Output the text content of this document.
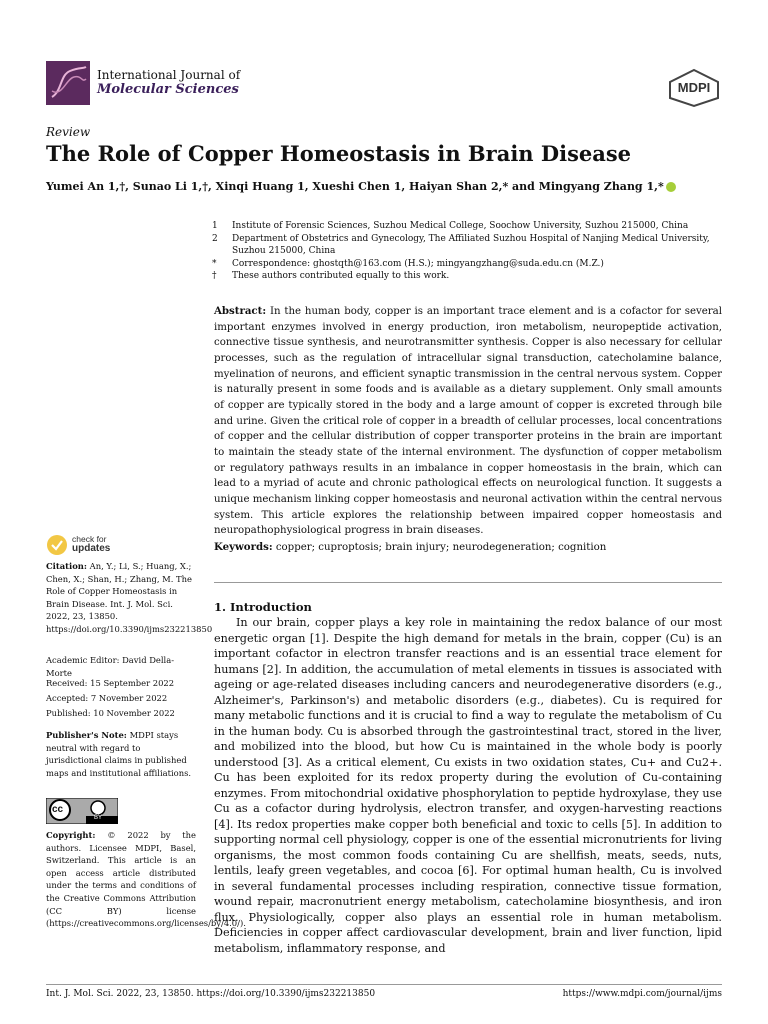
International Journal of
Molecular Sciences	MDPI
Review
The Role of Copper Homeostasis in Brain Disease
Yumei An 1,†, Sunao Li 1,†, Xinqi Huang 1, Xueshi Chen 1, Haiyan Shan 2,* and Mingyang Zhang 1,*
1	Institute of Forensic Sciences, Suzhou Medical College, Soochow University, Suzhou 215000, China
2	Department of Obstetrics and Gynecology, The Affiliated Suzhou Hospital of Nanjing Medical University, Suzhou 215000, China
*	Correspondence: ghostqth@163.com (H.S.); mingyangzhang@suda.edu.cn (M.Z.)
†	These authors contributed equally to this work.
Abstract: In the human body, copper is an important trace element and is a cofactor for several important enzymes involved in energy production, iron metabolism, neuropeptide activation, connective tissue synthesis, and neurotransmitter synthesis. Copper is also necessary for cellular processes, such as the regulation of intracellular signal transduction, catecholamine balance, myelination of neurons, and efficient synaptic transmission in the central nervous system. Copper is naturally present in some foods and is available as a dietary supplement. Only small amounts of copper are typically stored in the body and a large amount of copper is excreted through bile and urine. Given the critical role of copper in a breadth of cellular processes, local concentrations of copper and the cellular distribution of copper transporter proteins in the brain are important to maintain the steady state of the internal environment. The dysfunction of copper metabolism or regulatory pathways results in an imbalance in copper homeostasis in the brain, which can lead to a myriad of acute and chronic pathological effects on neurological function. It suggests a unique mechanism linking copper homeostasis and neuronal activation within the central nervous system. This article explores the relationship between impaired copper homeostasis and neuropathophysiological progress in brain diseases.
Keywords: copper; cuproptosis; brain injury; neurodegeneration; cognition
check for
updates
Citation: An, Y.; Li, S.; Huang, X.; Chen, X.; Shan, H.; Zhang, M. The Role of Copper Homeostasis in Brain Disease. Int. J. Mol. Sci. 2022, 23, 13850. https://doi.org/10.3390/ijms232213850
Academic Editor: David Della-Morte
Received: 15 September 2022
Accepted: 7 November 2022
Published: 10 November 2022
Publisher's Note: MDPI stays neutral with regard to jurisdictional claims in published maps and institutional affiliations.
cc
BY
Copyright: © 2022 by the authors. Licensee MDPI, Basel, Switzerland. This article is an open access article distributed under the terms and conditions of the Creative Commons Attribution (CC BY) license (https://creativecommons.org/licenses/by/4.0/).
1. Introduction

In our brain, copper plays a key role in maintaining the redox balance of our most energetic organ [1]. Despite the high demand for metals in the brain, copper (Cu) is an important cofactor in electron transfer reactions and is an essential trace element for humans [2]. In addition, the accumulation of metal elements in tissues is associated with ageing or age-related diseases including cancers and neurodegenerative disorders (e.g., Alzheimer's, Parkinson's) and metabolic disorders (e.g., diabetes). Cu is required for many metabolic functions and it is crucial to find a way to regulate the metabolism of Cu in the human body. Cu is absorbed through the gastrointestinal tract, stored in the liver, and mobilized into the blood, but how Cu is maintained in the whole body is poorly understood [3]. As a critical element, Cu exists in two oxidation states, Cu+ and Cu2+. Cu has been exploited for its redox property during the evolution of Cu-containing enzymes. From mitochondrial oxidative phosphorylation to peptide hydroxylase, they use Cu as a cofactor during hydrolysis, electron transfer, and oxygen-harvesting reactions [4]. Its redox properties make copper both beneficial and toxic to cells [5]. In addition to supporting normal cell physiology, copper is one of the essential micronutrients for living organisms, the most common foods containing Cu are shellfish, meats, seeds, nuts, lentils, leafy green vegetables, and cocoa [6]. For optimal human health, Cu is involved in several fundamental processes including respiration, connective tissue formation, wound repair, macronutrient energy metabolism, catecholamine biosynthesis, and iron flux. Physiologically, copper also plays an essential role in human metabolism. Deficiencies in copper affect cardiovascular development, brain and liver function, lipid metabolism, inflammatory response, and

Int. J. Mol. Sci. 2022, 23, 13850. https://doi.org/10.3390/ijms232213850	https://www.mdpi.com/journal/ijms
